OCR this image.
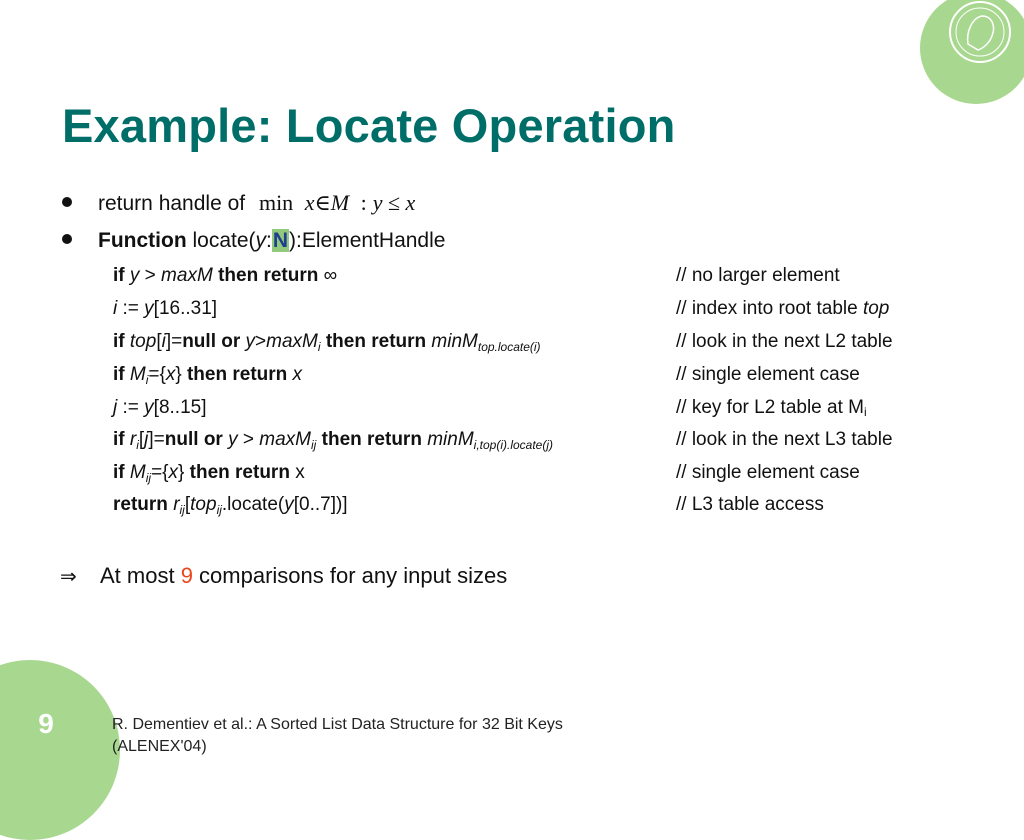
Example: Locate Operation
return handle of min x∈M : y ≤ x
Function locate(y:N):ElementHandle
if y > maxM then return ∞	// no larger element
i := y[16..31]	// index into root table top
if top[i]=null or y>maxM$_i$ then return minM$_{top.locate(i)}$	// look in the next L2 table
if $M_i=\{x\}$ then return x	// single element case
j := y[8..15]	// key for L2 table at $M_i$
if $r_i[j]=null$ or y > maxM$_{ij}$ then return minM$_{i,top(i).locate(j)}$	// look in the next L3 table
if $M_{ij}=\{x\}$ then return x	// single element case
return $r_{ij}[top_{ij}.locate(y[0..7])]$	// L3 table access
⇒ At most 9 comparisons for any input sizes
9	R. Dementiev et al.: A Sorted List Data Structure for 32 Bit Keys
(ALENEX'04)
